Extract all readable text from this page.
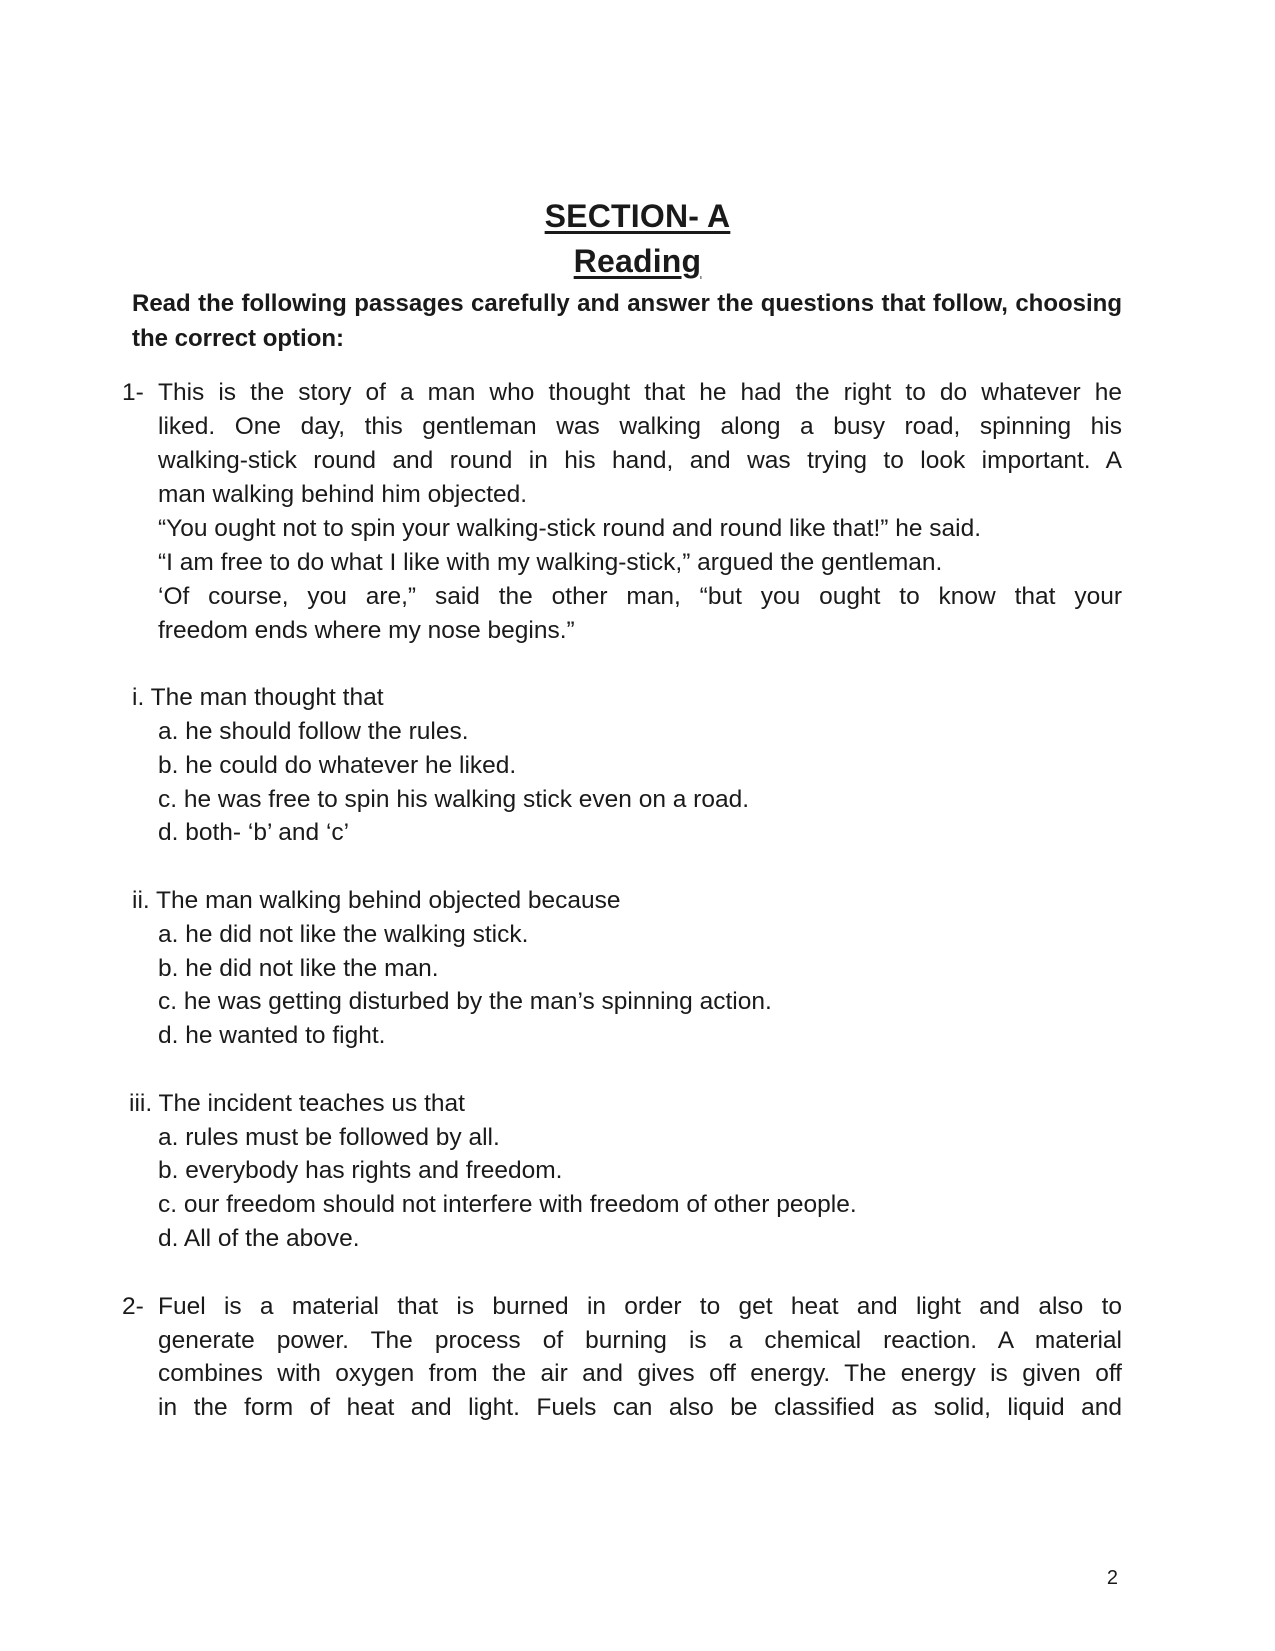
SECTION- A
Reading
Read the following passages carefully and answer the questions that follow, choosing the correct option:
1- This is the story of a man who thought that he had the right to do whatever he
liked. One day, this gentleman was walking along a busy road, spinning his
walking-stick round and round in his hand, and was trying to look important. A
man walking behind him objected.
“You ought not to spin your walking-stick round and round like that!” he said.
“I am free to do what I like with my walking-stick,” argued the gentleman.
‘Of course, you are,” said the other man, “but you ought to know that your
freedom ends where my nose begins.”
i. The man thought that
a. he should follow the rules.
b. he could do whatever he liked.
c. he was free to spin his walking stick even on a road.
d. both- ‘b’ and ‘c’
ii. The man walking behind objected because
a. he did not like the walking stick.
b. he did not like the man.
c. he was getting disturbed by the man’s spinning action.
d. he wanted to fight.
iii. The incident teaches us that
a. rules must be followed by all.
b. everybody has rights and freedom.
c. our freedom should not interfere with freedom of other people.
d. All of the above.
2- Fuel is a material that is burned in order to get heat and light and also to
generate power. The process of burning is a chemical reaction. A material
combines with oxygen from the air and gives off energy. The energy is given off
in the form of heat and light. Fuels can also be classified as solid, liquid and
2
